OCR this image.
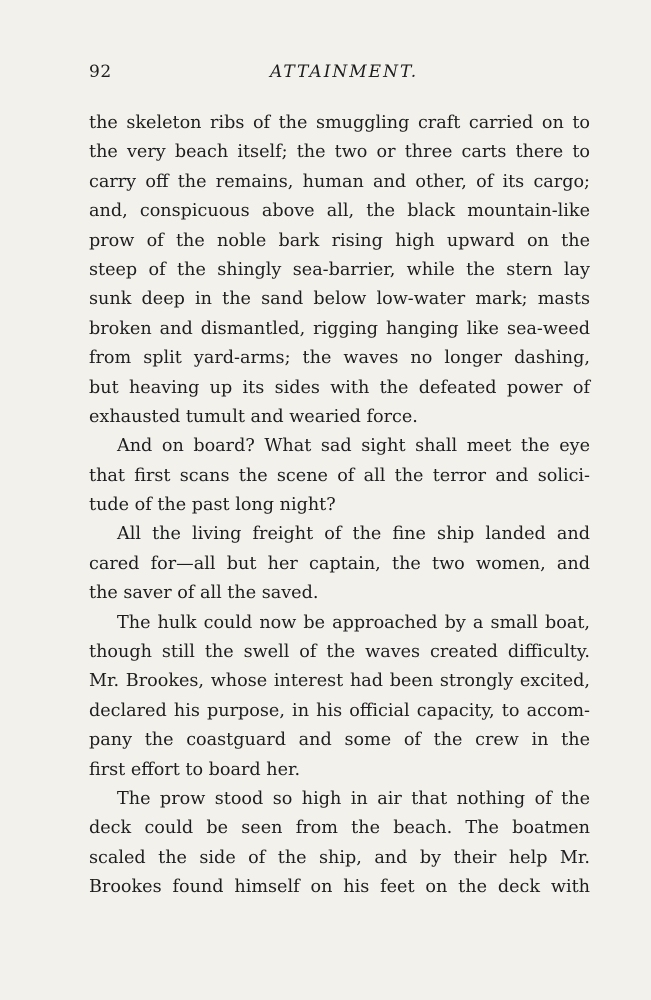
92	ATTAINMENT.
the skeleton ribs of the smuggling craft carried on to
the very beach itself; the two or three carts there to
carry off the remains, human and other, of its cargo;
and, conspicuous above all, the black mountain-like
prow of the noble bark rising high upward on the
steep of the shingly sea-barrier, while the stern lay
sunk deep in the sand below low-water mark; masts
broken and dismantled, rigging hanging like sea-weed
from split yard-arms; the waves no longer dashing,
but heaving up its sides with the defeated power of
exhausted tumult and wearied force.
And on board? What sad sight shall meet the eye
that first scans the scene of all the terror and solici-
tude of the past long night?
All the living freight of the fine ship landed and
cared for—all but her captain, the two women, and
the saver of all the saved.
The hulk could now be approached by a small boat,
though still the swell of the waves created difficulty.
Mr. Brookes, whose interest had been strongly excited,
declared his purpose, in his official capacity, to accom-
pany the coastguard and some of the crew in the
first effort to board her.
The prow stood so high in air that nothing of the
deck could be seen from the beach. The boatmen
scaled the side of the ship, and by their help Mr.
Brookes found himself on his feet on the deck with
